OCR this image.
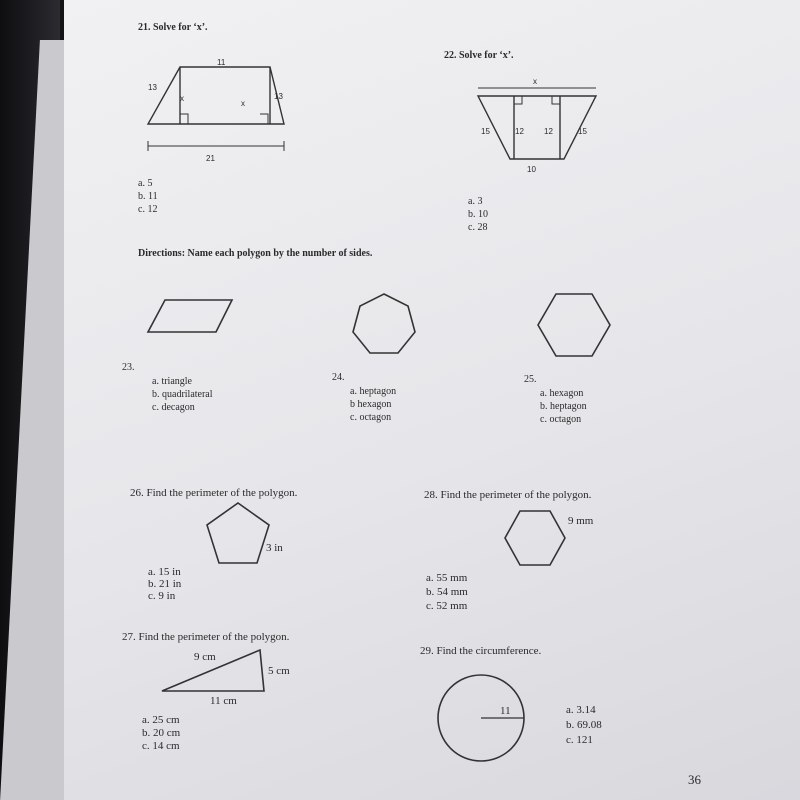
21. Solve for ‘x’.
11
13
13
x
x
21
a. 5
b. 11
c. 12
22. Solve for ‘x’.
x
15	12	12	15
10
a. 3
b. 10
c. 28
Directions: Name each polygon by the number of sides.
23.
a. triangle
b. quadrilateral
c. decagon
24.
a. heptagon
b hexagon
c. octagon
25.
a. hexagon
b. heptagon
c. octagon
26. Find the perimeter of the polygon.
3 in
a. 15 in
b. 21 in
c. 9 in
28. Find the perimeter of the polygon.
9 mm
a. 55 mm
b. 54 mm
c. 52 mm
27. Find the perimeter of the polygon.
9 cm
5 cm
11 cm
a. 25 cm
b. 20 cm
c. 14 cm
29. Find the circumference.
11	a. 3.14
b. 69.08
c. 121
36
